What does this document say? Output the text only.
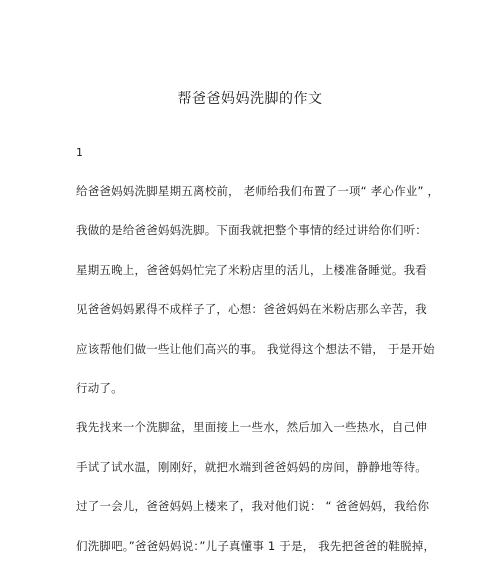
帮爸爸妈妈洗脚的作文
1
给爸爸妈妈洗脚星期五离校前， 老师给我们布置了一项“ 孝心作业” ，
我做的是给爸爸妈妈洗脚。下面我就把整个事情的经过讲给你们听：
星期五晚上，爸爸妈妈忙完了米粉店里的活儿，上楼准备睡觉。我看
见爸爸妈妈累得不成样子了，心想：爸爸妈妈在米粉店那么辛苦，我
应该帮他们做一些让他们高兴的事。 我觉得这个想法不错， 于是开始
行动了。
我先找来一个洗脚盆，里面接上一些水，然后加入一些热水，自己伸
手试了试水温，刚刚好，就把水端到爸爸妈妈的房间，静静地等待。
过了一会儿，爸爸妈妈上楼来了，我对他们说： “ 爸爸妈妈，我给你
们洗脚吧。”爸爸妈妈说：”儿子真懂事 1 于是， 我先把爸爸的鞋脱掉，
